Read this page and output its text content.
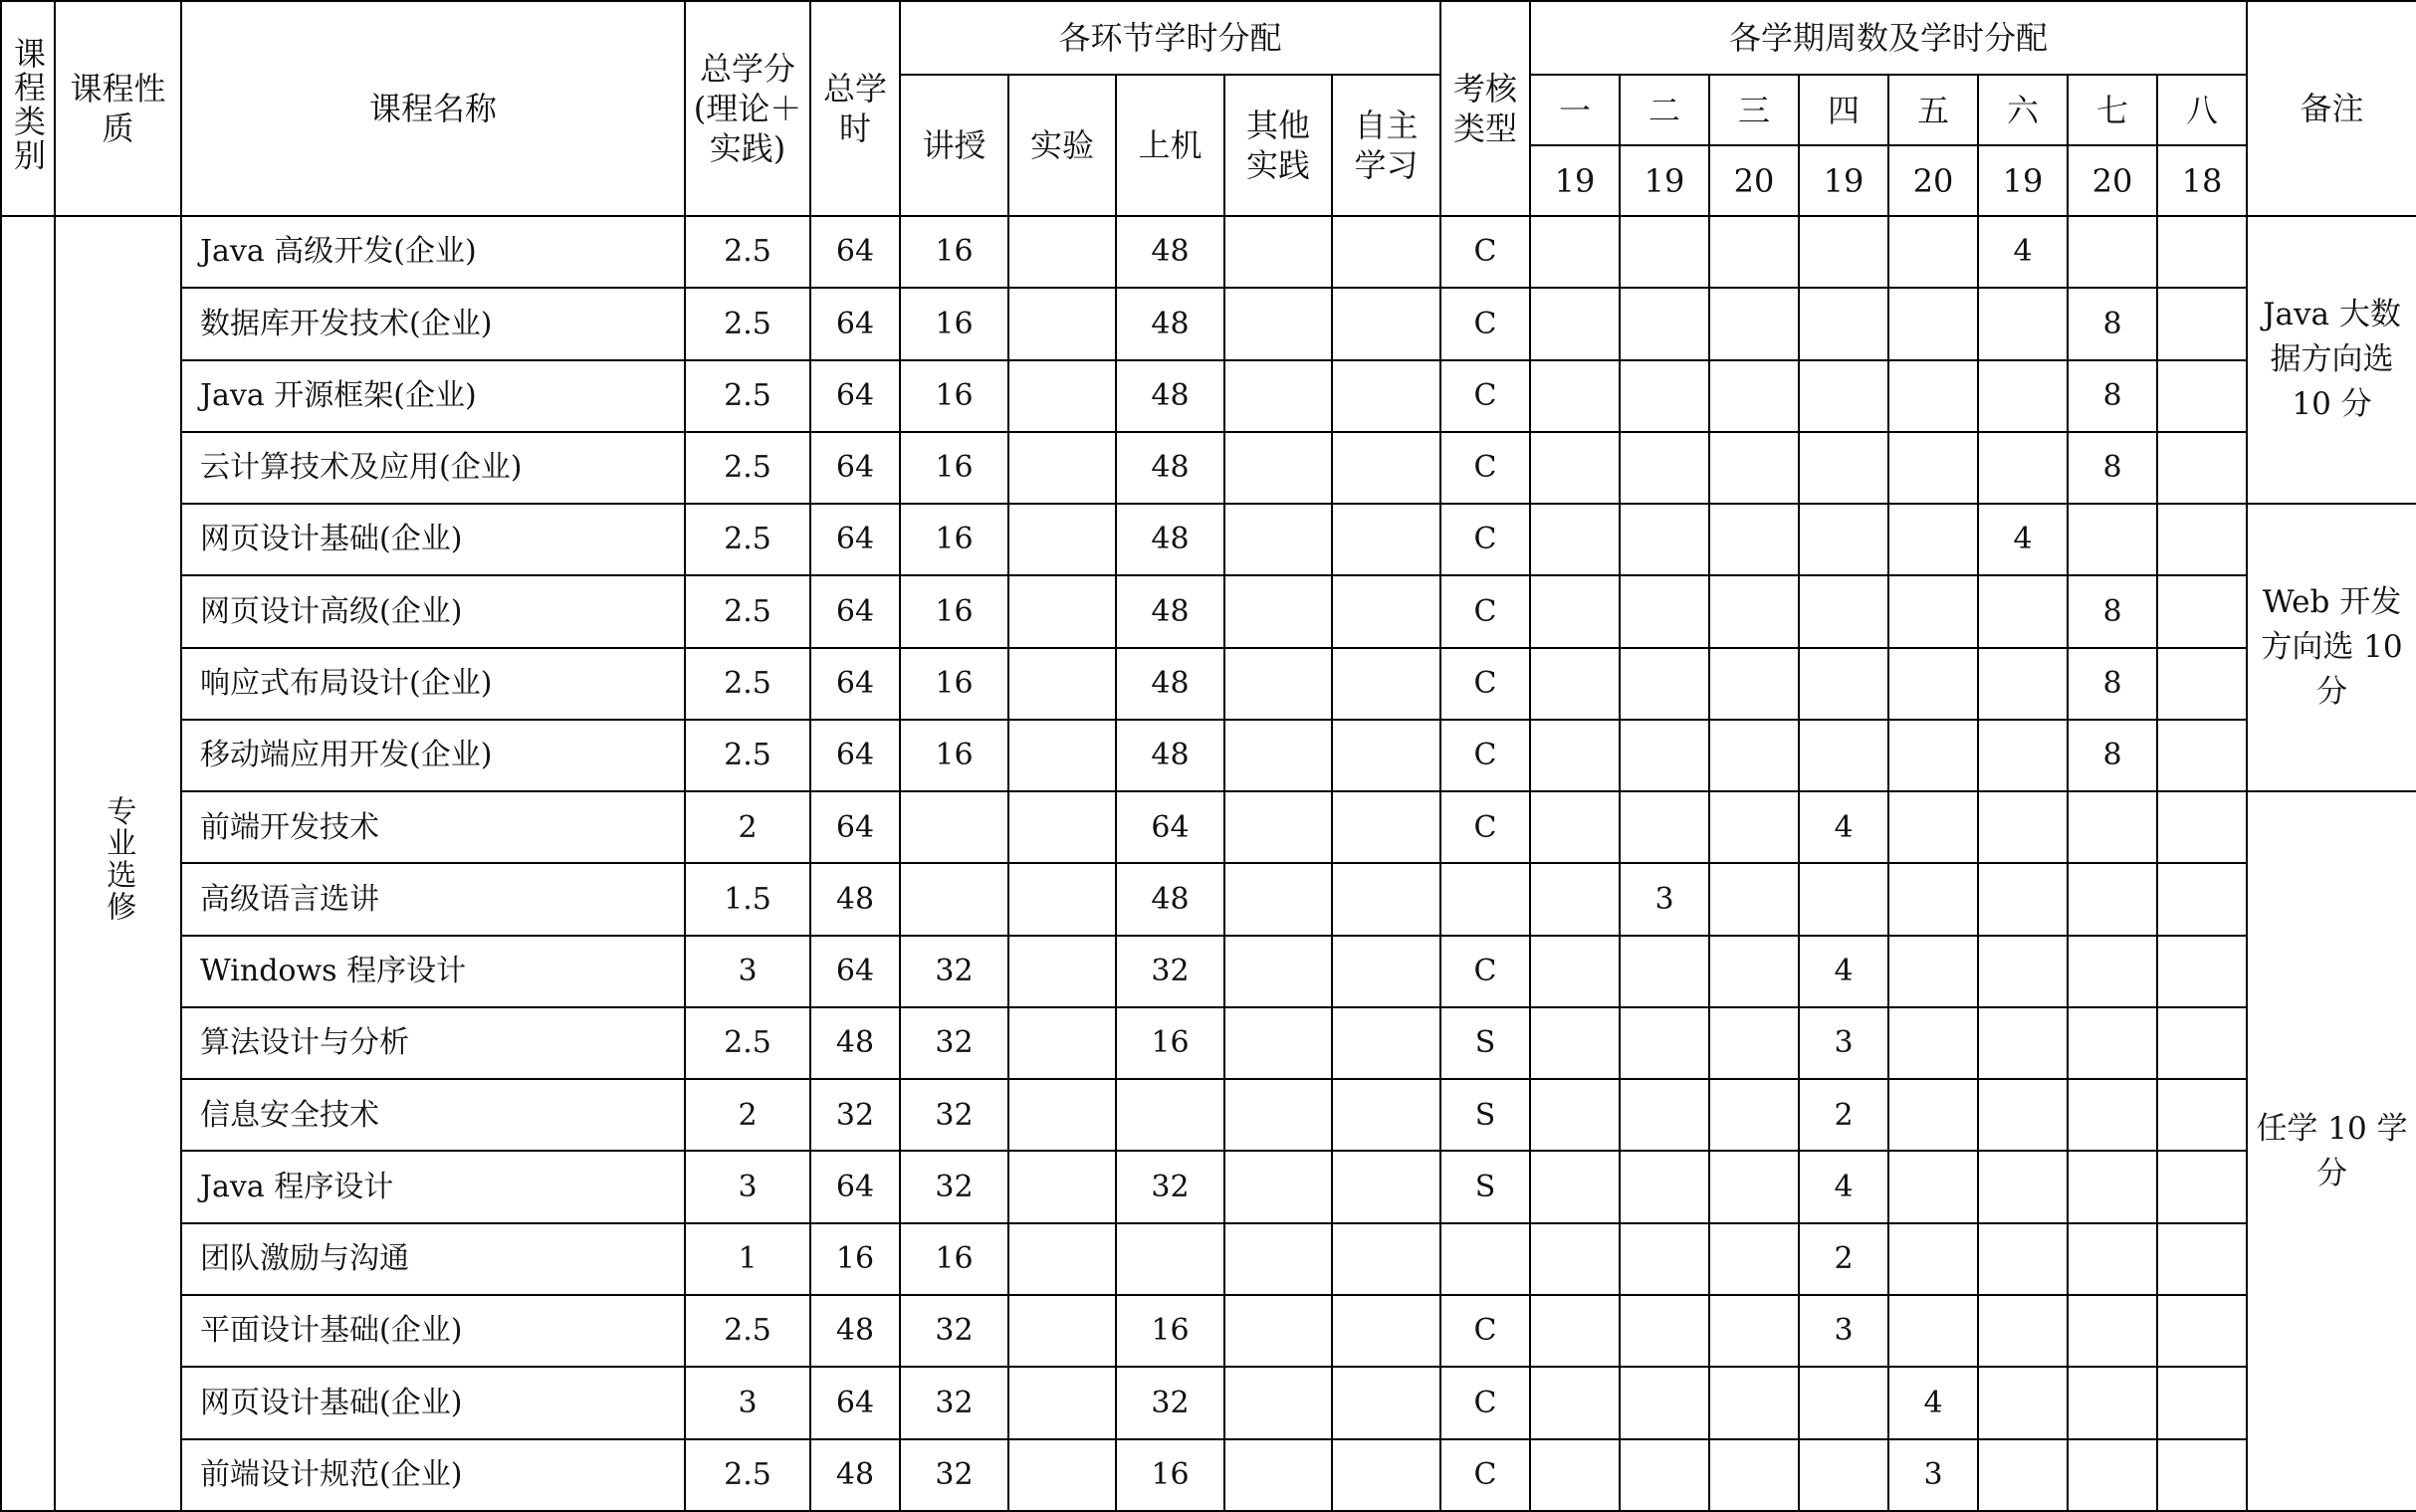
课程类别	课程性质	课程名称	总学分(理论＋实践)	总学时	各环节学时分配					考核类型	各学期周数及学时分配								备注
					讲授	实验	上机	其他实践	自主学习		一	二	三	四	五	六	七	八	
											19	19	20	19	20	19	20	18	
	专业选修	Java 高级开发(企业)	2.5	64	16		48			C						4			Java 大数据方向选 10 分
		数据库开发技术(企业)	2.5	64	16		48			C							8		
		Java 开源框架(企业)	2.5	64	16		48			C							8		
		云计算技术及应用(企业)	2.5	64	16		48			C							8		
		网页设计基础(企业)	2.5	64	16		48			C						4			Web 开发方向选 10 分
		网页设计高级(企业)	2.5	64	16		48			C							8		
		响应式布局设计(企业)	2.5	64	16		48			C							8		
		移动端应用开发(企业)	2.5	64	16		48			C							8		
		前端开发技术	2	64			64			C				4					任学 10 学分
		高级语言选讲	1.5	48			48					3							
		Windows 程序设计	3	64	32		32			C				4					
		算法设计与分析	2.5	48	32		16			S				3					
		信息安全技术	2	32	32					S				2					
		Java 程序设计	3	64	32		32			S				4					
		团队激励与沟通	1	16	16									2					
		平面设计基础(企业)	2.5	48	32		16			C				3					
		网页设计基础(企业)	3	64	32		32			C					4				
		前端设计规范(企业)	2.5	48	32		16			C					3				
